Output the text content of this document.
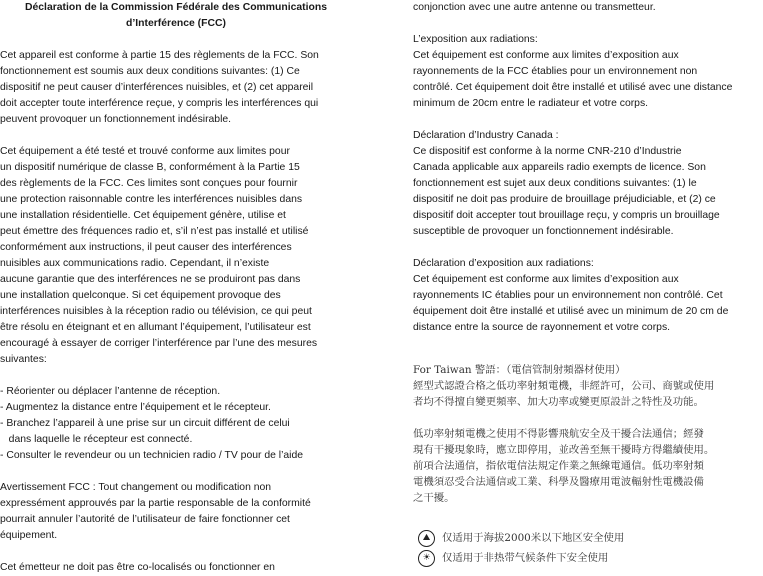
Déclaration de la Commission Fédérale des Communications

d’Interférence (FCC)

Cet appareil est conforme à partie 15 des règlements de la FCC. Son

fonctionnement est soumis aux deux conditions suivantes: (1) Ce

dispositif ne peut causer d’interférences nuisibles, et (2) cet appareil

doit accepter toute interférence reçue, y compris les interférences qui

peuvent provoquer un fonctionnement indésirable.

Cet équipement a été testé et trouvé conforme aux limites pour

un dispositif numérique de classe B, conformément à la Partie 15

des règlements de la FCC. Ces limites sont conçues pour fournir

une protection raisonnable contre les interférences nuisibles dans

une installation résidentielle. Cet équipement génère, utilise et

peut émettre des fréquences radio et, s’il n’est pas installé et utilisé

conformément aux instructions, il peut causer des interférences

nuisibles aux communications radio. Cependant, il n’existe

aucune garantie que des interférences ne se produiront pas dans

une installation quelconque. Si cet équipement provoque des

interférences nuisibles à la réception radio ou télévision, ce qui peut

être résolu en éteignant et en allumant l’équipement, l’utilisateur est

encouragé à essayer de corriger l’interférence par l’une des mesures

suivantes:

- Réorienter ou déplacer l’antenne de réception.

- Augmentez la distance entre l’équipement et le récepteur.

- Branchez l’appareil à une prise sur un circuit différent de celui

dans laquelle le récepteur est connecté.

- Consulter le revendeur ou un technicien radio / TV pour de l’aide

Avertissement FCC : Tout changement ou modification non

expressément approuvés par la partie responsable de la conformité

pourrait annuler l’autorité de l’utilisateur de faire fonctionner cet

équipement.

Cet émetteur ne doit pas être co-localisés ou fonctionner en

conjonction avec une autre antenne ou transmetteur.

L’exposition aux radiations:

Cet équipement est conforme aux limites d’exposition aux

rayonnements de la FCC établies pour un environnement non

contrôlé. Cet équipement doit être installé et utilisé avec une distance

minimum de 20cm entre le radiateur et votre corps.

Déclaration d’Industry Canada :

Ce dispositif est conforme à la norme CNR-210 d’Industrie

Canada applicable aux appareils radio exempts de licence. Son

fonctionnement est sujet aux deux conditions suivantes: (1) le

dispositif ne doit pas produire de brouillage préjudiciable, et (2) ce

dispositif doit accepter tout brouillage reçu, y compris un brouillage

susceptible de provoquer un fonctionnement indésirable.

Déclaration d’exposition aux radiations:

Cet équipement est conforme aux limites d’exposition aux

rayonnements IC établies pour un environnement non contrôlé. Cet

équipement doit être installé et utilisé avec un minimum de 20 cm de

distance entre la source de rayonnement et votre corps.

For Taiwan 警語：（電信管制射頻器材使用）

經型式認證合格之低功率射頻電機，非經許可，公司、商號或使用

者均不得擅自變更頻率、加大功率或變更原設計之特性及功能。

低功率射頻電機之使用不得影響飛航安全及干擾合法通信；經發

現有干擾現象時，應立即停用，並改善至無干擾時方得繼續使用。

前項合法通信，指依電信法規定作業之無線電通信。低功率射頻

電機須忍受合法通信或工業、科學及醫療用電波輻射性電機設備

之干擾。

⛰	仅适用于海拔2000米以下地区安全使用
☀	仅适用于非热带气候条件下安全使用
